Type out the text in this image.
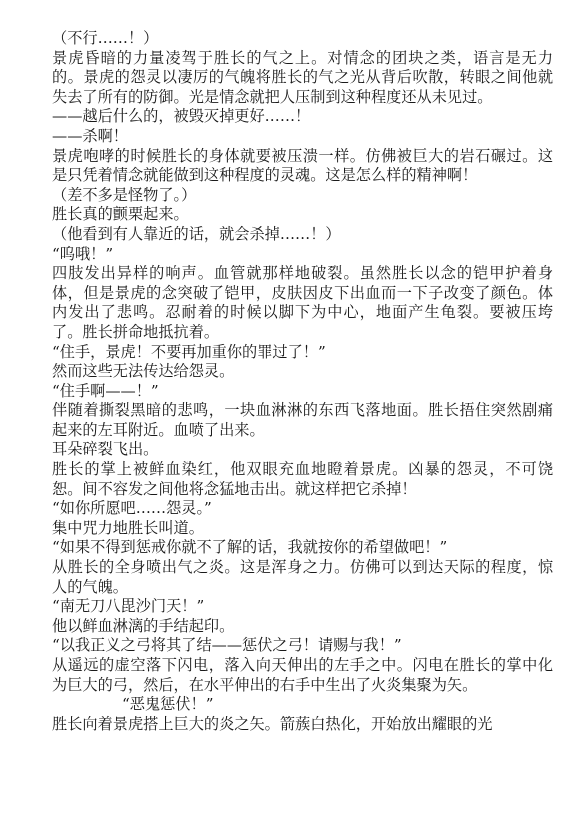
（不行……！）

景虎昏暗的力量凌驾于胜长的气之上。对情念的团块之类，语言是无力的。景虎的怨灵以凄厉的气魄将胜长的气之光从背后吹散，转眼之间他就失去了所有的防御。光是情念就把人压制到这种程度还从未见过。

——越后什么的，被毁灭掉更好……！

——杀啊！

景虎咆哮的时候胜长的身体就要被压溃一样。仿佛被巨大的岩石碾过。这是只凭着情念就能做到这种程度的灵魂。这是怎么样的精神啊！

（差不多是怪物了。）

胜长真的颤栗起来。

（他看到有人靠近的话，就会杀掉……！）

“呜哦！”

四肢发出异样的响声。血管就那样地破裂。虽然胜长以念的铠甲护着身体，但是景虎的念突破了铠甲，皮肤因皮下出血而一下子改变了颜色。体内发出了悲鸣。忍耐着的时候以脚下为中心，地面产生龟裂。要被压垮了。胜长拼命地抵抗着。

“住手，景虎！不要再加重你的罪过了！”

然而这些无法传达给怨灵。

“住手啊——！”

伴随着撕裂黑暗的悲鸣，一块血淋淋的东西飞落地面。胜长捂住突然剧痛起来的左耳附近。血喷了出来。

耳朵碎裂飞出。

胜长的掌上被鲜血染红，他双眼充血地瞪着景虎。凶暴的怨灵，不可饶恕。间不容发之间他将念猛地击出。就这样把它杀掉！

“如你所愿吧……怨灵。”

集中咒力地胜长叫道。

“如果不得到惩戒你就不了解的话，我就按你的希望做吧！”

从胜长的全身喷出气之炎。这是浑身之力。仿佛可以到达天际的程度，惊人的气魄。

“南无刀八毘沙门天！”

他以鲜血淋漓的手结起印。

“以我正义之弓将其了结——惩伏之弓！请赐与我！”

从遥远的虚空落下闪电，落入向天伸出的左手之中。闪电在胜长的掌中化为巨大的弓，然后，在水平伸出的右手中生出了火炎集聚为矢。

“恶鬼惩伏！”

胜长向着景虎搭上巨大的炎之矢。箭蔟白热化，开始放出耀眼的光
